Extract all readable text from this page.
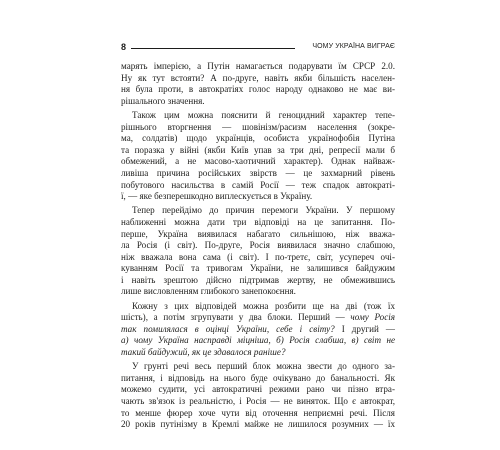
8	ЧОМУ УКРАЇНА ВИГРАЄ
марять імперією, а Путін намагається подарувати їм СРСР 2.0.
Ну як тут встояти? А по-друге, навіть якби більшість населен-
ня була проти, в автократіях голос народу однаково не має ви-
рішального значення.
Також цим можна пояснити й геноцидний характер тепе-
рішнього вторгнення — шовінізм/расизм населення (зокре-
ма, солдатів) щодо українців, особиста українофобія Путіна
та поразка у війні (якби Київ упав за три дні, репресії мали б
обмежений, а не масово-хаотичний характер). Однак найваж-
ливіша причина російських звірств — це захмарний рівень
побутового насильства в самій Росії — теж спадок автократі-
ї, — яке безперешкодно виплескується в Україну.
Тепер перейдімо до причин перемоги України. У першому
наближенні можна дати три відповіді на це запитання. По-
перше, Україна виявилася набагато сильнішою, ніж вважа-
ла Росія (і світ). По-друге, Росія виявилася значно слабшою,
ніж вважала вона сама (і світ). І по-третє, світ, усупереч очі-
куванням Росії та тривогам України, не залишився байдужим
і навіть зрештою дійсно підтримав жертву, не обмежившись
лише висловленням глибокого занепокоєння.
Кожну з цих відповідей можна розбити ще на дві (тож їх
шість), а потім згрупувати у два блоки. Перший — чому Росія
так помилялася в оцінці України, себе і світу? І другий —
а) чому Україна насправді міцніша, б) Росія слабша, в) світ не
такий байдужий, як це здавалося раніше?
У грунті речі весь перший блок можна звести до одного за-
питання, і відповідь на нього буде очікувано до банальності. Як
можемо судити, усі автократичні режими рано чи пізно втра-
чають зв'язок із реальністю, і Росія — не виняток. Що є автократ,
то менше фюрер хоче чути від оточення неприємні речі. Після
20 років путінізму в Кремлі майже не лишилося розумних — їх
